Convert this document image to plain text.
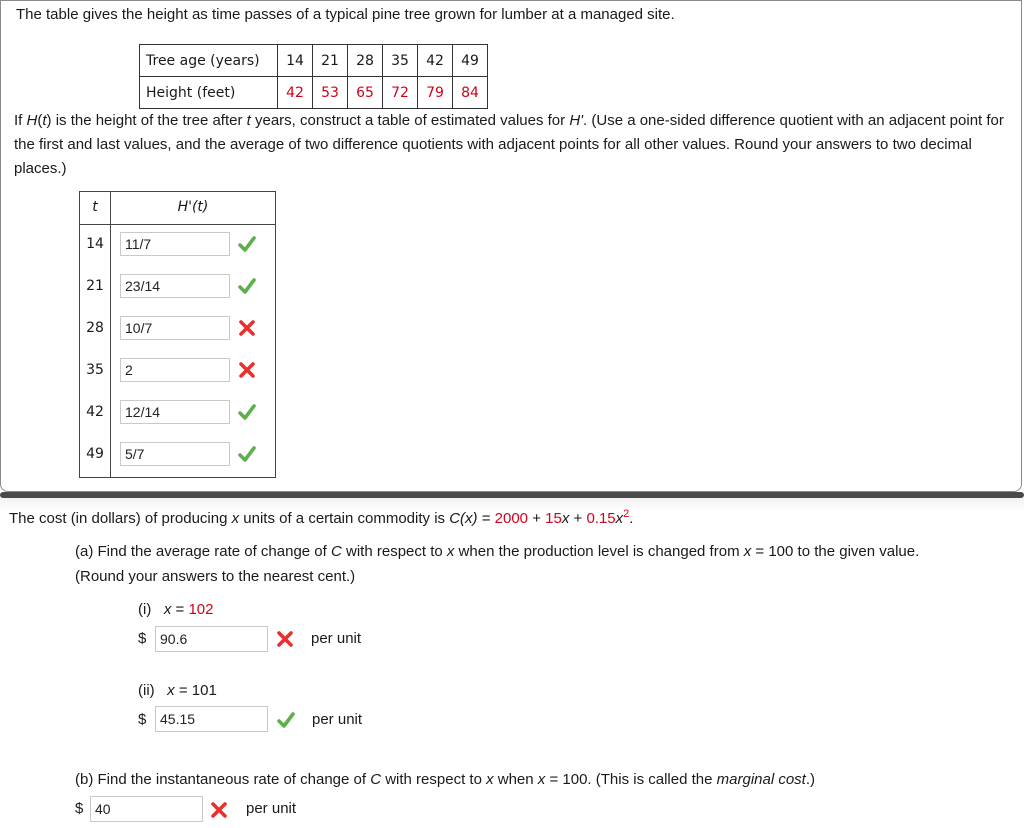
The table gives the height as time passes of a typical pine tree grown for lumber at a managed site.
Tree age (years)	14	21	28	35	42	49
Height (feet)	42	53	65	72	79	84
If H(t) is the height of the tree after t years, construct a table of estimated values for H'. (Use a one-sided difference quotient with an adjacent point for the first and last values, and the average of two difference quotients with adjacent points for all other values. Round your answers to two decimal places.)
t	H'(t)
14	11/7
21	23/14
28	10/7
35	2
42	12/14
49	5/7
The cost (in dollars) of producing x units of a certain commodity is $C(x) = 2000 + 15x + 0.15x^2$.
(a) Find the average rate of change of C with respect to x when the production level is changed from x = 100 to the given value.
(Round your answers to the nearest cent.)
(i) x = 102
$ 90.6	per unit
(ii) x = 101
$ 45.15	per unit
(b) Find the instantaneous rate of change of C with respect to x when x = 100. (This is called the marginal cost.)
$ 40	per unit
